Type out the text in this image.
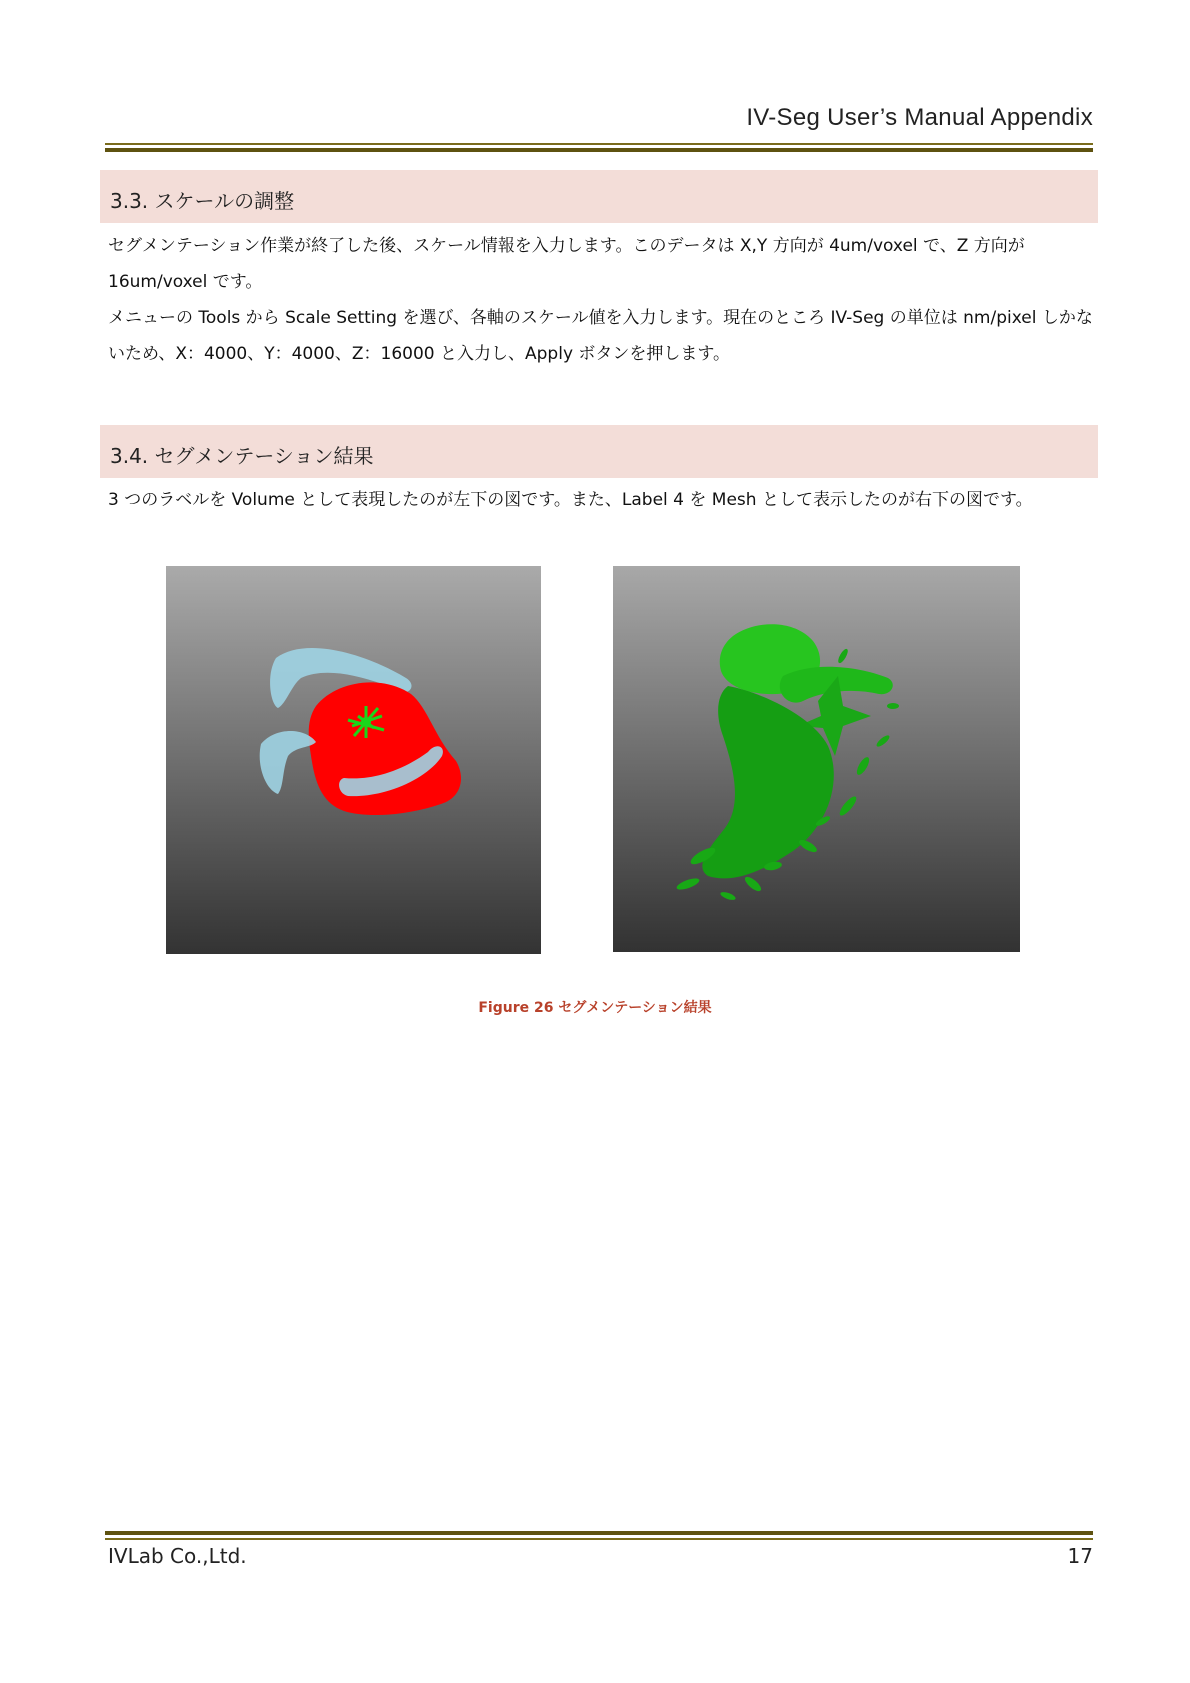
IV-Seg User’s Manual Appendix
3.3. スケールの調整
セグメンテーション作業が終了した後、スケール情報を入力します。このデータは X,Y 方向が 4um/voxel で、Z 方向が 16um/voxel です。
メニューの Tools から Scale Setting を選び、各軸のスケール値を入力します。現在のところ IV-Seg の単位は nm/pixel しかないため、X：4000、Y：4000、Z：16000 と入力し、Apply ボタンを押します。
3.4. セグメンテーション結果
3 つのラベルを Volume として表現したのが左下の図です。また、Label 4 を Mesh として表示したのが右下の図です。
Figure 26 セグメンテーション結果
IVLab Co.,Ltd.	17
